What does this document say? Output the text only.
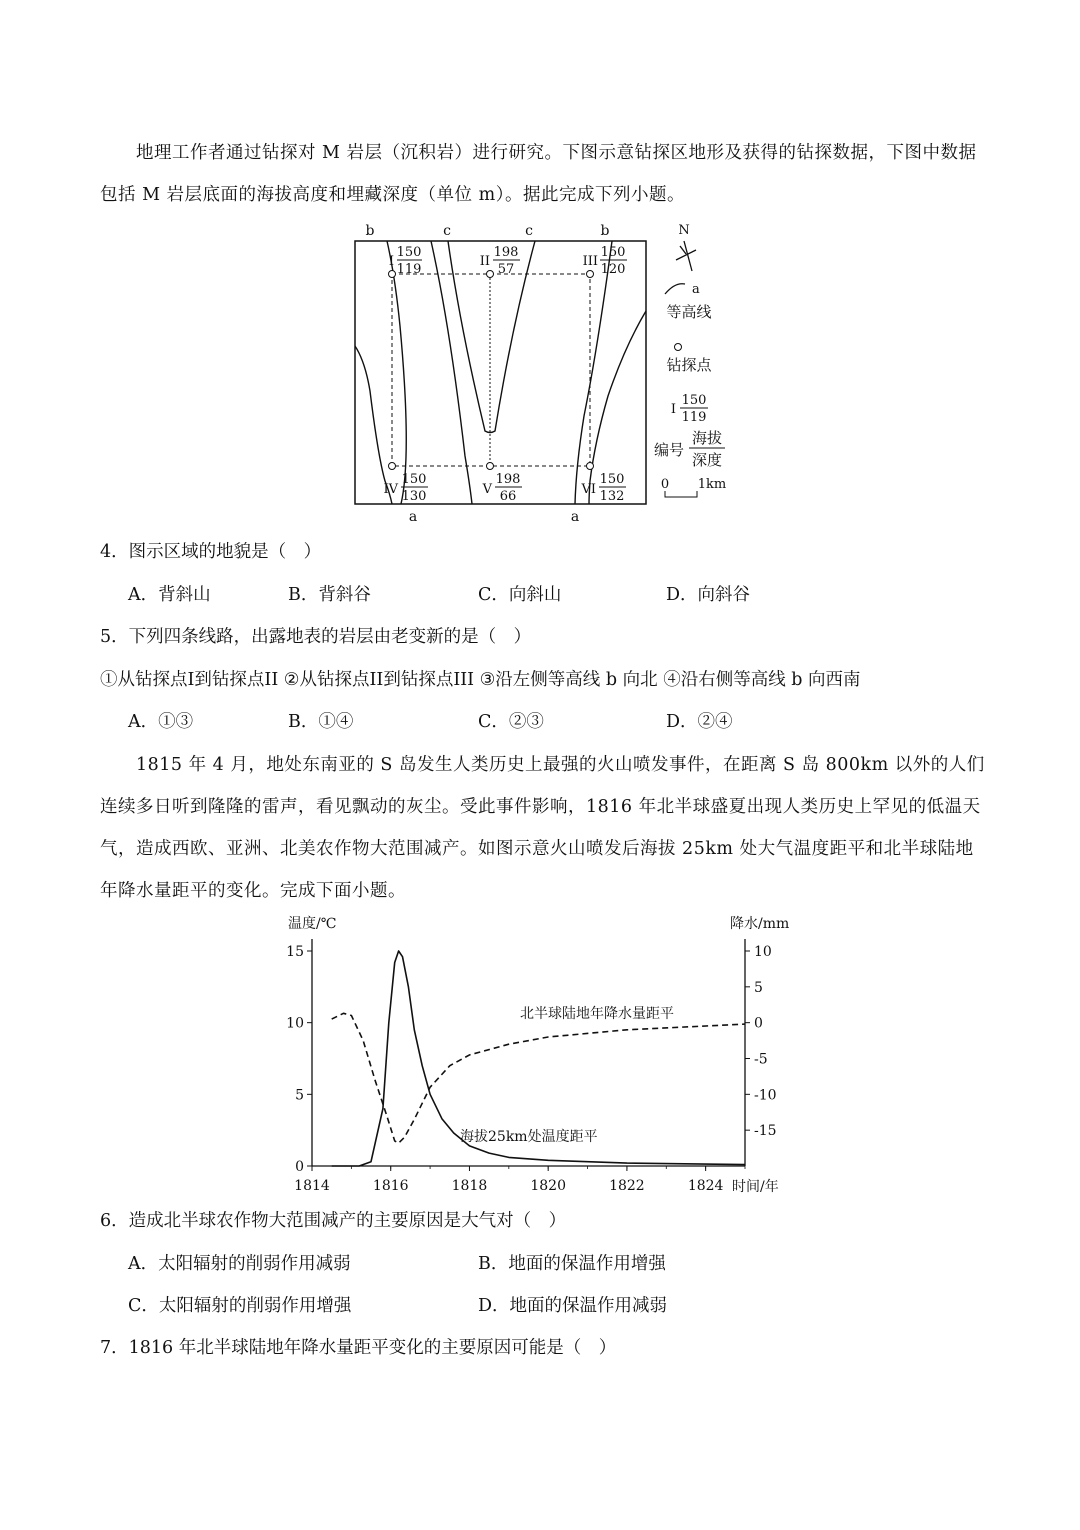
地理工作者通过钻探对 M 岩层（沉积岩）进行研究。下图示意钻探区地形及获得的钻探数据，下图中数据包括 M 岩层底面的海拔高度和埋藏深度（单位 m）。据此完成下列小题。
b	c	c	b
a	a
I
150
119
II
198
57
III
150
120
IV
150
130	V
198
66	VI
150
132
N
a
等高线
钻探点
I
150
119
编号
海拔
深度
0 1km
4．图示区域的地貌是（　）
A．背斜山	B．背斜谷	C．向斜山	D．向斜谷
5．下列四条线路，出露地表的岩层由老变新的是（　）
①从钻探点I到钻探点II ②从钻探点II到钻探点III ③沿左侧等高线 b 向北 ④沿右侧等高线 b 向西南
A．①③	B．①④	C．②③	D．②④
1815 年 4 月，地处东南亚的 S 岛发生人类历史上最强的火山喷发事件，在距离 S 岛 800km 以外的人们连续多日听到隆隆的雷声，看见飘动的灰尘。受此事件影响，1816 年北半球盛夏出现人类历史上罕见的低温天气，造成西欧、亚洲、北美农作物大范围减产。如图示意火山喷发后海拔 25km 处大气温度距平和北半球陆地年降水量距平的变化。完成下面小题。
温度/℃	降水/mm
时间/年
1814	1816	1818	1820	1822	1824
0
5
10
15	10
5
0
-5
-10
-15
北半球陆地年降水量距平
海拔25km处温度距平
6．造成北半球农作物大范围减产的主要原因是大气对（　）
A．太阳辐射的削弱作用减弱	B．地面的保温作用增强
C．太阳辐射的削弱作用增强	D．地面的保温作用减弱
7．1816 年北半球陆地年降水量距平变化的主要原因可能是（　）
